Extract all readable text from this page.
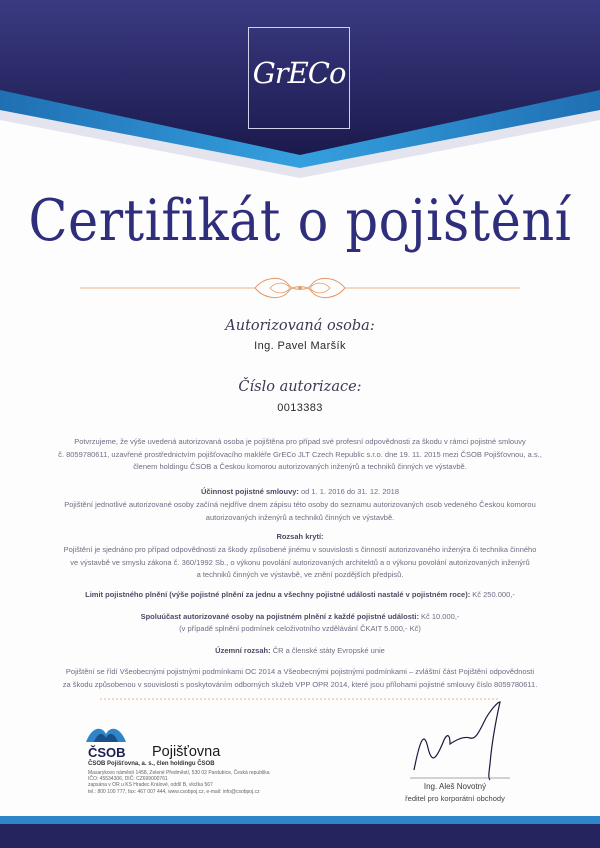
GrECo
Certifikát o pojištění
Autorizovaná osoba:
Ing. Pavel Maršík
Číslo autorizace:
0013383
Potvrzujeme, že výše uvedená autorizovaná osoba je pojištěna pro případ své profesní odpovědnosti za škodu v rámci pojistné smlouvy
č. 8059780611, uzavřené prostřednictvím pojišťovacího makléře GrECo JLT Czech Republic s.r.o. dne 19. 11. 2015 mezi ČSOB Pojišťovnou, a.s.,
členem holdingu ČSOB a Českou komorou autorizovaných inženýrů a techniků činných ve výstavbě.
Účinnost pojistné smlouvy: od 1. 1. 2016 do 31. 12. 2018
Pojištění jednotlivé autorizované osoby začíná nejdříve dnem zápisu této osoby do seznamu autorizovaných osob vedeného Českou komorou
autorizovaných inženýrů a techniků činných ve výstavbě.
Rozsah krytí:
Pojištění je sjednáno pro případ odpovědnosti za škody způsobené jinému v souvislosti s činností autorizovaného inženýra či technika činného
ve výstavbě ve smyslu zákona č. 360/1992 Sb., o výkonu povolání autorizovaných architektů a o výkonu povolání autorizovaných inženýrů
a techniků činných ve výstavbě, ve znění pozdějších předpisů.
Limit pojistného plnění (výše pojistné plnění za jednu a všechny pojistné události nastalé v pojistném roce): Kč 250.000,-
Spoluúčast autorizované osoby na pojistném plnění z každé pojistné události: Kč 10.000,-
(v případě splnění podmínek celoživotního vzdělávání ČKAIT 5.000,- Kč)
Územní rozsah: ČR a členské státy Evropské unie
Pojištění se řídí Všeobecnými pojistnými podmínkami OC 2014 a Všeobecnými pojistnými podmínkami – zvláštní část Pojištění odpovědnosti
za škodu způsobenou v souvislosti s poskytováním odborných služeb VPP OPR 2014, které jsou přílohami pojistné smlouvy číslo 8059780611.
ČSOB Pojišťovna
ČSOB Pojišťovna, a. s., člen holdingu ČSOB
Masarykovo náměstí 1458, Zelené Předměstí, 530 02 Pardubice, Česká republika
IČO: 45534306, DIČ: CZ699000761
zapsána v OR u KS Hradec Králové, oddíl B, vložka 567
tel.: 800 100 777, fax: 467 007 444, www.csobpoj.cz, e-mail: info@csobpoj.cz
Ing. Aleš Novotný
ředitel pro korporátní obchody
